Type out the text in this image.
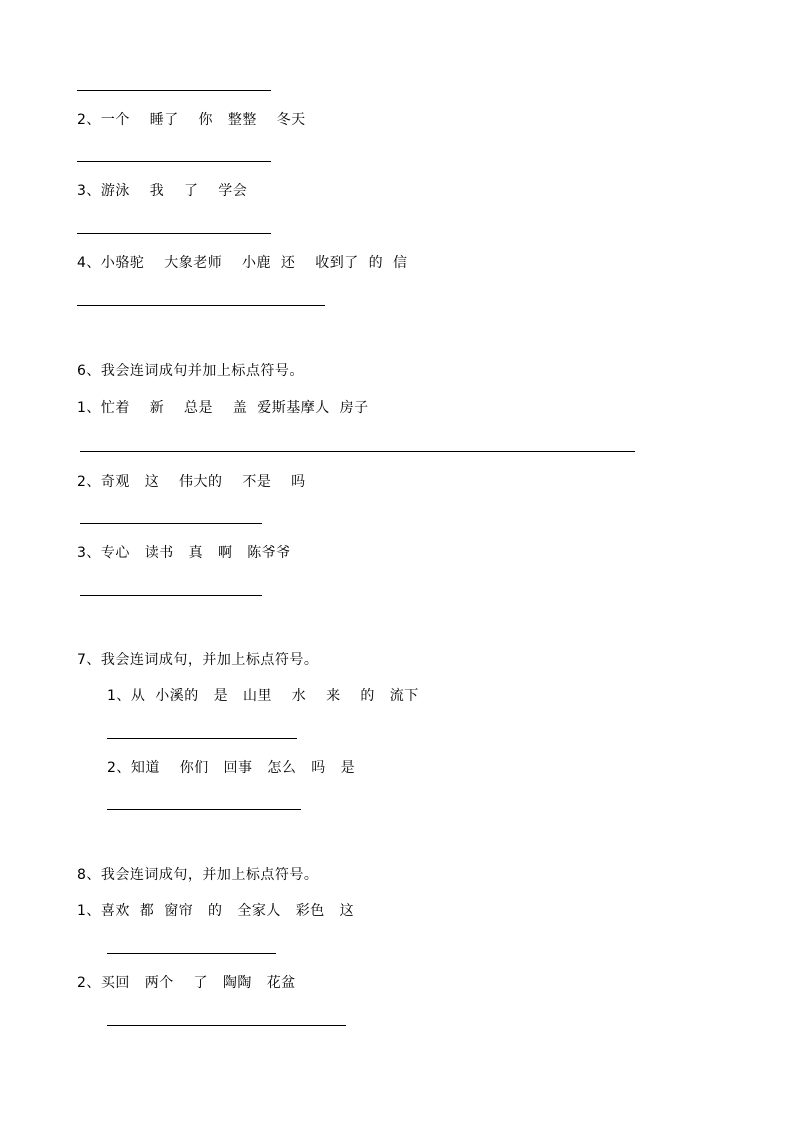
2、一个    睡了    你   整整    冬天
3、游泳    我    了    学会
4、小骆驼    大象老师    小鹿  还    收到了  的  信
6、我会连词成句并加上标点符号。
1、忙着    新    总是    盖  爱斯基摩人  房子
2、奇观   这    伟大的    不是    吗
3、专心   读书   真   啊   陈爷爷
7、我会连词成句，并加上标点符号。
1、从  小溪的   是   山里    水    来    的   流下
2、知道    你们   回事   怎么   吗   是
8、我会连词成句，并加上标点符号。
1、喜欢  都  窗帘   的   全家人   彩色   这
2、买回   两个    了   陶陶   花盆
